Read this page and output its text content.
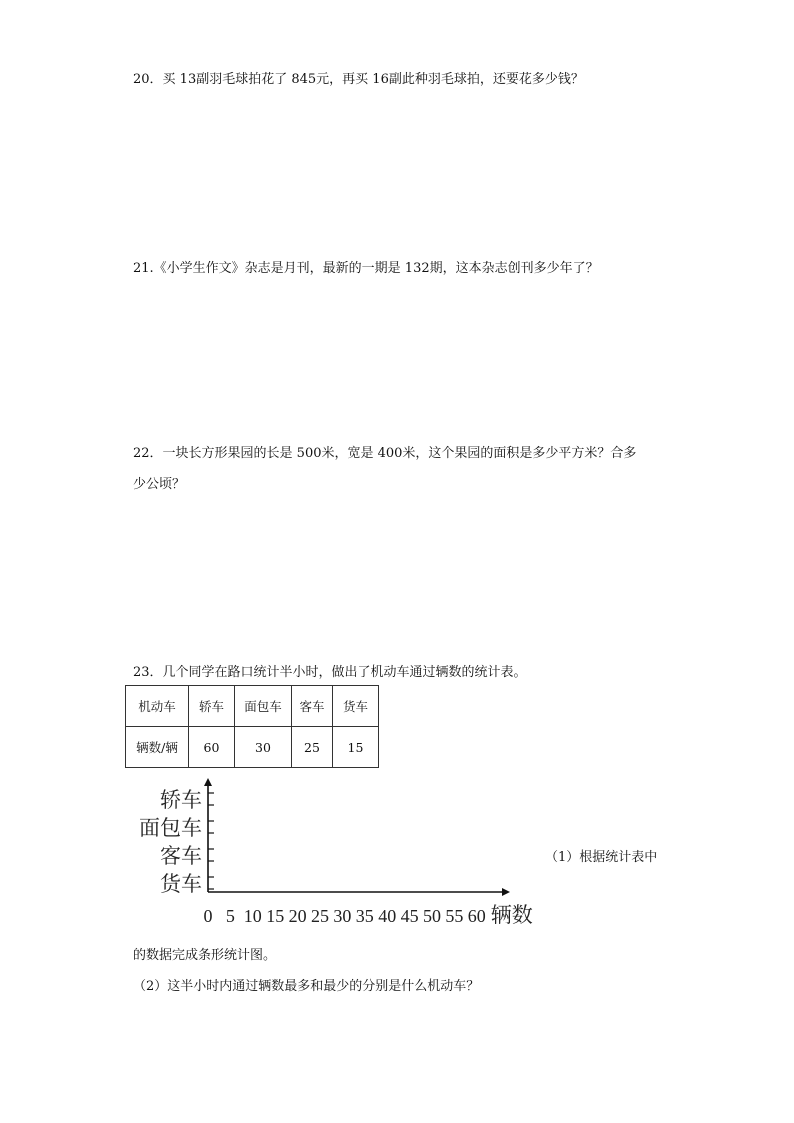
20．买 13副羽毛球拍花了 845元，再买 16副此种羽毛球拍，还要花多少钱？
21.《小学生作文》杂志是月刊，最新的一期是 132期，这本杂志创刊多少年了？
22．一块长方形果园的长是 500米，宽是 400米，这个果园的面积是多少平方米？合多
少公顷？
23．几个同学在路口统计半小时，做出了机动车通过辆数的统计表。
机动车	轿车	面包车	客车	货车
辆数/辆	60	30	25	15
轿车
面包车
客车
货车
0 5 10 15 20 25 30 35 40 45 50 55 60 辆数
（1）根据统计表中
的数据完成条形统计图。
（2）这半小时内通过辆数最多和最少的分别是什么机动车？
